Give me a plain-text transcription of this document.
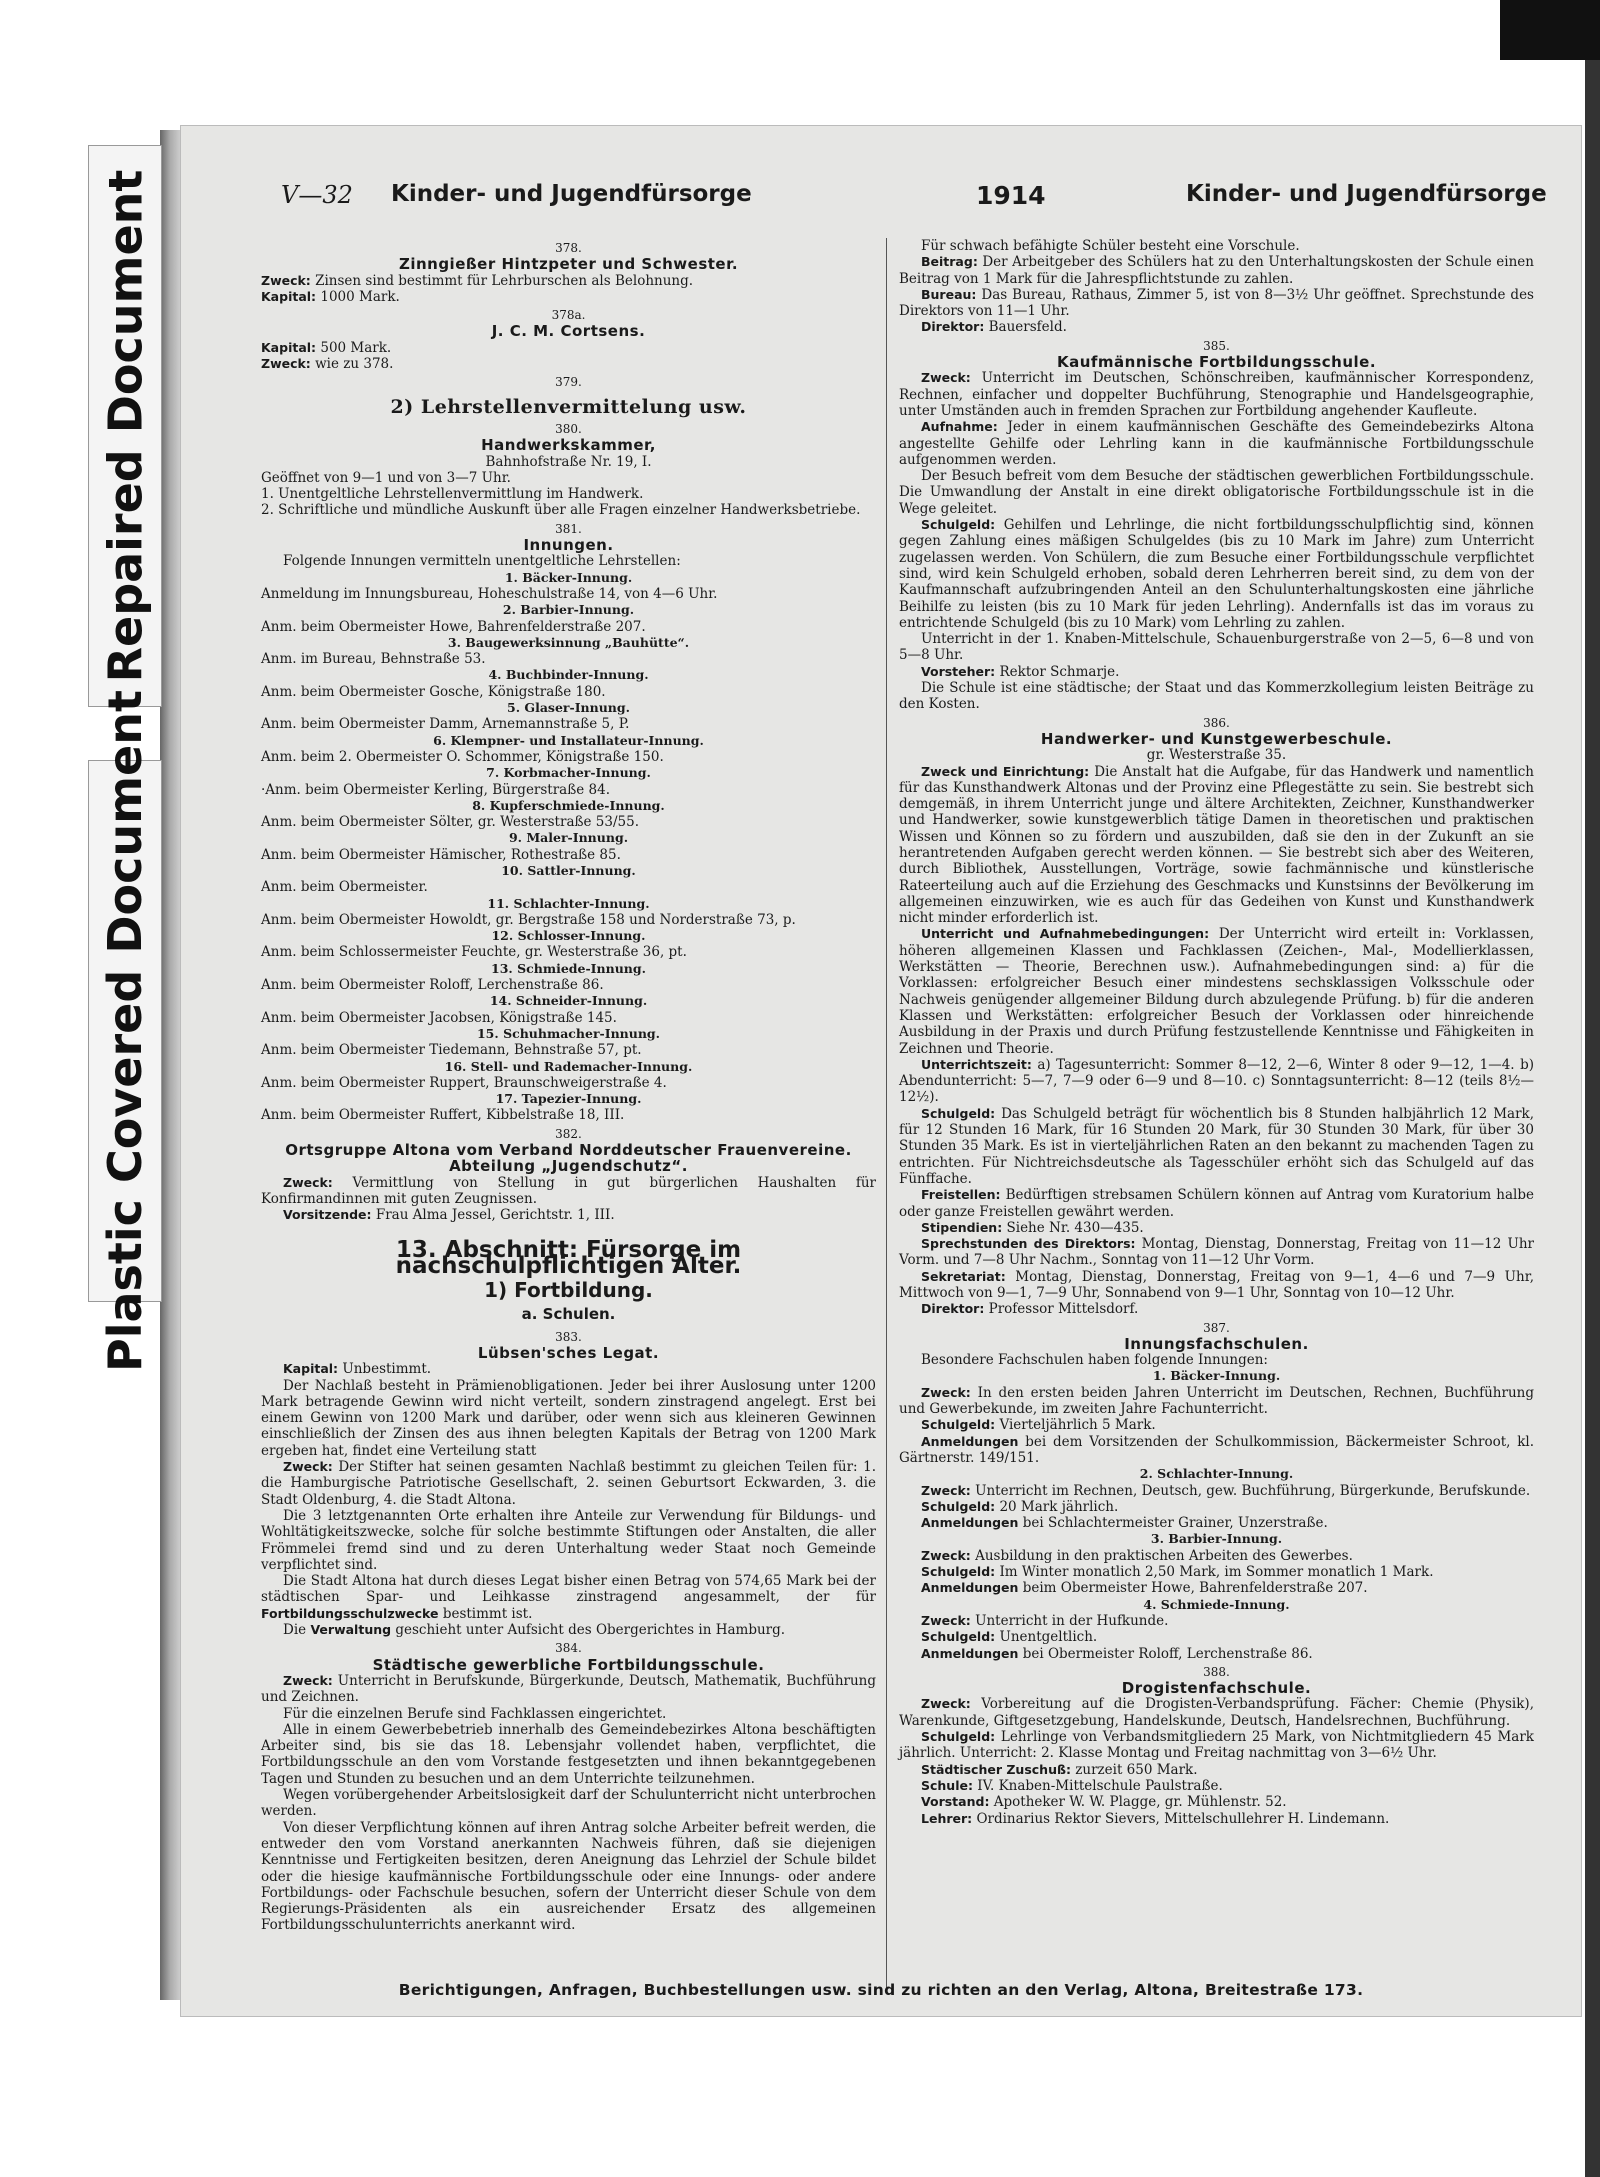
Repaired Document
Plastic Covered Document
V—32 Kinder- und Jugendfürsorge	1914	Kinder- und Jugendfürsorge
378.
Zinngießer Hintzpeter und Schwester.
Zweck: Zinsen sind bestimmt für Lehrburschen als Belohnung.
Kapital: 1000 Mark.
378a.
J. C. M. Cortsens.
Kapital: 500 Mark.
Zweck: wie zu 378.
379.
2) Lehrstellenvermittelung usw.
380.
Handwerkskammer,
Bahnhofstraße Nr. 19, I.
Geöffnet von 9—1 und von 3—7 Uhr.
1. Unentgeltliche Lehrstellenvermittlung im Handwerk.
2. Schriftliche und mündliche Auskunft über alle Fragen einzelner Handwerksbetriebe.
381.
Innungen.
Folgende Innungen vermitteln unentgeltliche Lehrstellen:
1. Bäcker-Innung.
Anmeldung im Innungsbureau, Hoheschulstraße 14, von 4—6 Uhr.
2. Barbier-Innung.
Anm. beim Obermeister Howe, Bahrenfelderstraße 207.
3. Baugewerksinnung „Bauhütte“.
Anm. im Bureau, Behnstraße 53.
4. Buchbinder-Innung.
Anm. beim Obermeister Gosche, Königstraße 180.
5. Glaser-Innung.
Anm. beim Obermeister Damm, Arnemannstraße 5, P.
6. Klempner- und Installateur-Innung.
Anm. beim 2. Obermeister O. Schommer, Königstraße 150.
7. Korbmacher-Innung.
·Anm. beim Obermeister Kerling, Bürgerstraße 84.
8. Kupferschmiede-Innung.
Anm. beim Obermeister Sölter, gr. Westerstraße 53/55.
9. Maler-Innung.
Anm. beim Obermeister Hämischer, Rothestraße 85.
10. Sattler-Innung.
Anm. beim Obermeister.
11. Schlachter-Innung.
Anm. beim Obermeister Howoldt, gr. Bergstraße 158 und Norderstraße 73, p.
12. Schlosser-Innung.
Anm. beim Schlossermeister Feuchte, gr. Westerstraße 36, pt.
13. Schmiede-Innung.
Anm. beim Obermeister Roloff, Lerchenstraße 86.
14. Schneider-Innung.
Anm. beim Obermeister Jacobsen, Königstraße 145.
15. Schuhmacher-Innung.
Anm. beim Obermeister Tiedemann, Behnstraße 57, pt.
16. Stell- und Rademacher-Innung.
Anm. beim Obermeister Ruppert, Braunschweigerstraße 4.
17. Tapezier-Innung.
Anm. beim Obermeister Ruffert, Kibbelstraße 18, III.
382.
Ortsgruppe Altona vom Verband Norddeutscher Frauenvereine. Abteilung „Jugendschutz“.
Zweck: Vermittlung von Stellung in gut bürgerlichen Haushalten für Konfirmandinnen mit guten Zeugnissen.
Vorsitzende: Frau Alma Jessel, Gerichtstr. 1, III.
13. Abschnitt: Fürsorge im nachschulpflichtigen Alter.
1) Fortbildung.
a. Schulen.
383.
Lübsen'sches Legat.
Kapital: Unbestimmt.
Der Nachlaß besteht in Prämienobligationen. Jeder bei ihrer Auslosung unter 1200 Mark betragende Gewinn wird nicht verteilt, sondern zinstragend angelegt. Erst bei einem Gewinn von 1200 Mark und darüber, oder wenn sich aus kleineren Gewinnen einschließlich der Zinsen des aus ihnen belegten Kapitals der Betrag von 1200 Mark ergeben hat, findet eine Verteilung statt
Zweck: Der Stifter hat seinen gesamten Nachlaß bestimmt zu gleichen Teilen für: 1. die Hamburgische Patriotische Gesellschaft, 2. seinen Geburtsort Eckwarden, 3. die Stadt Oldenburg, 4. die Stadt Altona.
Die 3 letztgenannten Orte erhalten ihre Anteile zur Verwendung für Bildungs- und Wohltätigkeitszwecke, solche für solche bestimmte Stiftungen oder Anstalten, die aller Frömmelei fremd sind und zu deren Unterhaltung weder Staat noch Gemeinde verpflichtet sind.
Die Stadt Altona hat durch dieses Legat bisher einen Betrag von 574,65 Mark bei der städtischen Spar- und Leihkasse zinstragend angesammelt, der für Fortbildungsschulzwecke bestimmt ist.
Die Verwaltung geschieht unter Aufsicht des Obergerichtes in Hamburg.
384.
Städtische gewerbliche Fortbildungsschule.
Zweck: Unterricht in Berufskunde, Bürgerkunde, Deutsch, Mathematik, Buchführung und Zeichnen.
Für die einzelnen Berufe sind Fachklassen eingerichtet.
Alle in einem Gewerbebetrieb innerhalb des Gemeindebezirkes Altona beschäftigten Arbeiter sind, bis sie das 18. Lebensjahr vollendet haben, verpflichtet, die Fortbildungsschule an den vom Vorstande festgesetzten und ihnen bekanntgegebenen Tagen und Stunden zu besuchen und an dem Unterrichte teilzunehmen.
Wegen vorübergehender Arbeitslosigkeit darf der Schulunterricht nicht unterbrochen werden.
Von dieser Verpflichtung können auf ihren Antrag solche Arbeiter befreit werden, die entweder den vom Vorstand anerkannten Nachweis führen, daß sie diejenigen Kenntnisse und Fertigkeiten besitzen, deren Aneignung das Lehrziel der Schule bildet oder die hiesige kaufmännische Fortbildungsschule oder eine Innungs- oder andere Fortbildungs- oder Fachschule besuchen, sofern der Unterricht dieser Schule von dem Regierungs-Präsidenten als ein ausreichender Ersatz des allgemeinen Fortbildungsschulunterrichts anerkannt wird.
Für schwach befähigte Schüler besteht eine Vorschule.
Beitrag: Der Arbeitgeber des Schülers hat zu den Unterhaltungskosten der Schule einen Beitrag von 1 Mark für die Jahrespflichtstunde zu zahlen.
Bureau: Das Bureau, Rathaus, Zimmer 5, ist von 8—3½ Uhr geöffnet. Sprechstunde des Direktors von 11—1 Uhr.
Direktor: Bauersfeld.
385.
Kaufmännische Fortbildungsschule.
Zweck: Unterricht im Deutschen, Schönschreiben, kaufmännischer Korrespondenz, Rechnen, einfacher und doppelter Buchführung, Stenographie und Handelsgeographie, unter Umständen auch in fremden Sprachen zur Fortbildung angehender Kaufleute.
Aufnahme: Jeder in einem kaufmännischen Geschäfte des Gemeindebezirks Altona angestellte Gehilfe oder Lehrling kann in die kaufmännische Fortbildungsschule aufgenommen werden.
Der Besuch befreit vom dem Besuche der städtischen gewerblichen Fortbildungsschule. Die Umwandlung der Anstalt in eine direkt obligatorische Fortbildungsschule ist in die Wege geleitet.
Schulgeld: Gehilfen und Lehrlinge, die nicht fortbildungsschulpflichtig sind, können gegen Zahlung eines mäßigen Schulgeldes (bis zu 10 Mark im Jahre) zum Unterricht zugelassen werden. Von Schülern, die zum Besuche einer Fortbildungsschule verpflichtet sind, wird kein Schulgeld erhoben, sobald deren Lehrherren bereit sind, zu dem von der Kaufmannschaft aufzubringenden Anteil an den Schulunterhaltungskosten eine jährliche Beihilfe zu leisten (bis zu 10 Mark für jeden Lehrling). Andernfalls ist das im voraus zu entrichtende Schulgeld (bis zu 10 Mark) vom Lehrling zu zahlen.
Unterricht in der 1. Knaben-Mittelschule, Schauenburgerstraße von 2—5, 6—8 und von 5—8 Uhr.
Vorsteher: Rektor Schmarje.
Die Schule ist eine städtische; der Staat und das Kommerzkollegium leisten Beiträge zu den Kosten.
386.
Handwerker- und Kunstgewerbeschule.
gr. Westerstraße 35.
Zweck und Einrichtung: Die Anstalt hat die Aufgabe, für das Handwerk und namentlich für das Kunsthandwerk Altonas und der Provinz eine Pflegestätte zu sein. Sie bestrebt sich demgemäß, in ihrem Unterricht junge und ältere Architekten, Zeichner, Kunsthandwerker und Handwerker, sowie kunstgewerblich tätige Damen in theoretischen und praktischen Wissen und Können so zu fördern und auszubilden, daß sie den in der Zukunft an sie herantretenden Aufgaben gerecht werden können. — Sie bestrebt sich aber des Weiteren, durch Bibliothek, Ausstellungen, Vorträge, sowie fachmännische und künstlerische Rateerteilung auch auf die Erziehung des Geschmacks und Kunstsinns der Bevölkerung im allgemeinen einzuwirken, wie es auch für das Gedeihen von Kunst und Kunsthandwerk nicht minder erforderlich ist.
Unterricht und Aufnahmebedingungen: Der Unterricht wird erteilt in: Vorklassen, höheren allgemeinen Klassen und Fachklassen (Zeichen-, Mal-, Modellierklassen, Werkstätten — Theorie, Berechnen usw.). Aufnahmebedingungen sind: a) für die Vorklassen: erfolgreicher Besuch einer mindestens sechsklassigen Volksschule oder Nachweis genügender allgemeiner Bildung durch abzulegende Prüfung. b) für die anderen Klassen und Werkstätten: erfolgreicher Besuch der Vorklassen oder hinreichende Ausbildung in der Praxis und durch Prüfung festzustellende Kenntnisse und Fähigkeiten in Zeichnen und Theorie.
Unterrichtszeit: a) Tagesunterricht: Sommer 8—12, 2—6, Winter 8 oder 9—12, 1—4. b) Abendunterricht: 5—7, 7—9 oder 6—9 und 8—10. c) Sonntagsunterricht: 8—12 (teils 8½—12½).
Schulgeld: Das Schulgeld beträgt für wöchentlich bis 8 Stunden halbjährlich 12 Mark, für 12 Stunden 16 Mark, für 16 Stunden 20 Mark, für 30 Stunden 30 Mark, für über 30 Stunden 35 Mark. Es ist in vierteljährlichen Raten an den bekannt zu machenden Tagen zu entrichten. Für Nichtreichsdeutsche als Tagesschüler erhöht sich das Schulgeld auf das Fünffache.
Freistellen: Bedürftigen strebsamen Schülern können auf Antrag vom Kuratorium halbe oder ganze Freistellen gewährt werden.
Stipendien: Siehe Nr. 430—435.
Sprechstunden des Direktors: Montag, Dienstag, Donnerstag, Freitag von 11—12 Uhr Vorm. und 7—8 Uhr Nachm., Sonntag von 11—12 Uhr Vorm.
Sekretariat: Montag, Dienstag, Donnerstag, Freitag von 9—1, 4—6 und 7—9 Uhr, Mittwoch von 9—1, 7—9 Uhr, Sonnabend von 9—1 Uhr, Sonntag von 10—12 Uhr.
Direktor: Professor Mittelsdorf.
387.
Innungsfachschulen.
Besondere Fachschulen haben folgende Innungen:
1. Bäcker-Innung.
Zweck: In den ersten beiden Jahren Unterricht im Deutschen, Rechnen, Buchführung und Gewerbekunde, im zweiten Jahre Fachunterricht.
Schulgeld: Vierteljährlich 5 Mark.
Anmeldungen bei dem Vorsitzenden der Schulkommission, Bäckermeister Schroot, kl. Gärtnerstr. 149/151.
2. Schlachter-Innung.
Zweck: Unterricht im Rechnen, Deutsch, gew. Buchführung, Bürgerkunde, Berufskunde.
Schulgeld: 20 Mark jährlich.
Anmeldungen bei Schlachtermeister Grainer, Unzerstraße.
3. Barbier-Innung.
Zweck: Ausbildung in den praktischen Arbeiten des Gewerbes.
Schulgeld: Im Winter monatlich 2,50 Mark, im Sommer monatlich 1 Mark.
Anmeldungen beim Obermeister Howe, Bahrenfelderstraße 207.
4. Schmiede-Innung.
Zweck: Unterricht in der Hufkunde.
Schulgeld: Unentgeltlich.
Anmeldungen bei Obermeister Roloff, Lerchenstraße 86.
388.
Drogistenfachschule.
Zweck: Vorbereitung auf die Drogisten-Verbandsprüfung. Fächer: Chemie (Physik), Warenkunde, Giftgesetzgebung, Handelskunde, Deutsch, Handelsrechnen, Buchführung.
Schulgeld: Lehrlinge von Verbandsmitgliedern 25 Mark, von Nichtmitgliedern 45 Mark jährlich. Unterricht: 2. Klasse Montag und Freitag nachmittag von 3—6½ Uhr.
Städtischer Zuschuß: zurzeit 650 Mark.
Schule: IV. Knaben-Mittelschule Paulstraße.
Vorstand: Apotheker W. W. Plagge, gr. Mühlenstr. 52.
Lehrer: Ordinarius Rektor Sievers, Mittelschullehrer H. Lindemann.
Berichtigungen, Anfragen, Buchbestellungen usw. sind zu richten an den Verlag, Altona, Breitestraße 173.
